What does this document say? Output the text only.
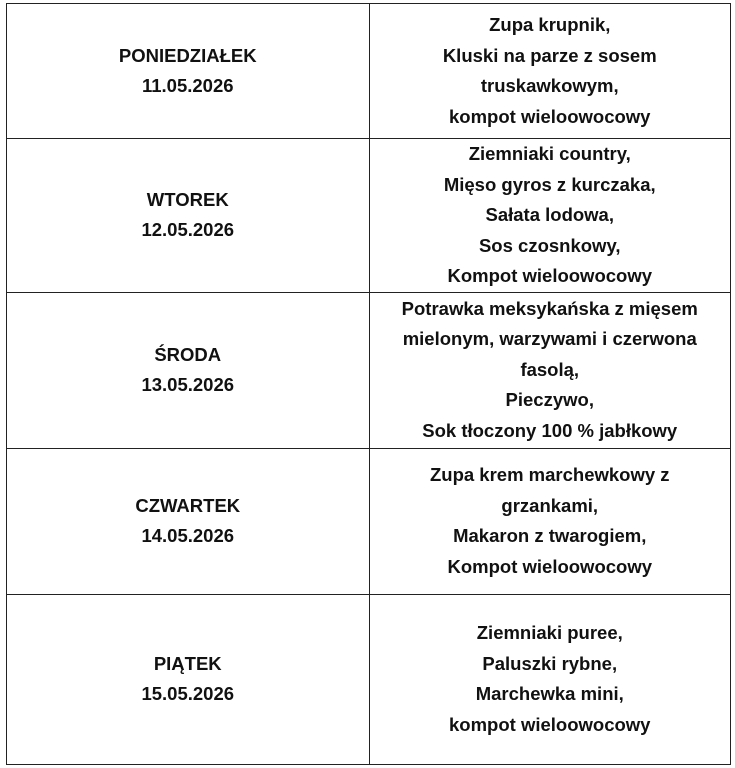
PONIEDZIAŁEK
11.05.2026	Zupa krupnik,
Kluski na parze z sosem
truskawkowym,
kompot wieloowocowy

WTOREK
12.05.2026	Ziemniaki country,
Mięso gyros z kurczaka,
Sałata lodowa,
Sos czosnkowy,
Kompot wieloowocowy

ŚRODA
13.05.2026	Potrawka meksykańska z mięsem
mielonym, warzywami i czerwona
fasolą,
Pieczywo,
Sok tłoczony 100 % jabłkowy

CZWARTEK
14.05.2026	Zupa krem marchewkowy z
grzankami,
Makaron z twarogiem,
Kompot wieloowocowy

PIĄTEK
15.05.2026	Ziemniaki puree,
Paluszki rybne,
Marchewka mini,
kompot wieloowocowy
